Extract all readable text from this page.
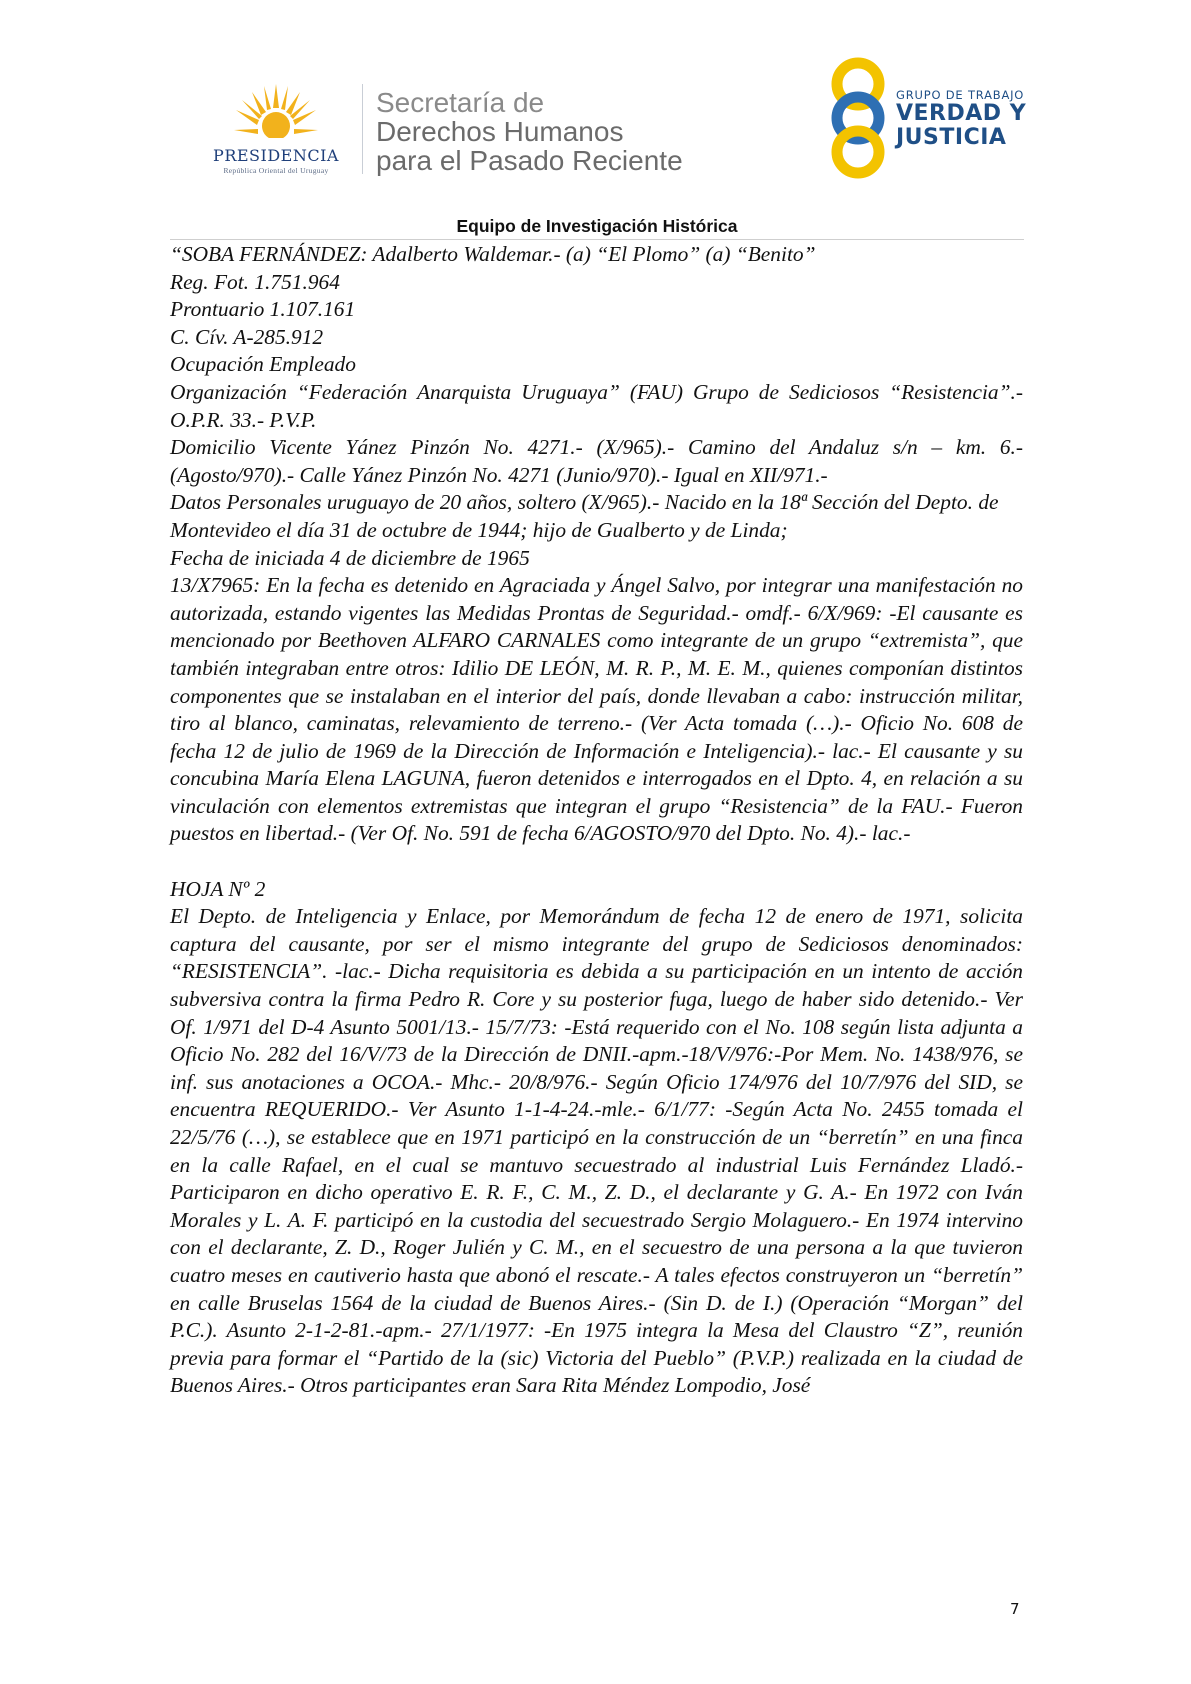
PRESIDENCIA
República Oriental del Uruguay
Secretaría de
Derechos Humanos
para el Pasado Reciente
GRUPO DE TRABAJO
VERDAD Y
JUSTICIA
Equipo de Investigación Histórica

“SOBA FERNÁNDEZ: Adalberto Waldemar.- (a) “El Plomo” (a) “Benito”

Reg. Fot. 1.751.964

Prontuario 1.107.161

C. Cív. A-285.912

Ocupación Empleado

Organización “Federación Anarquista Uruguaya” (FAU) Grupo de Sediciosos “Resistencia”.- O.P.R. 33.- P.V.P.

Domicilio Vicente Yánez Pinzón No. 4271.- (X/965).- Camino del Andaluz s/n – km. 6.- (Agosto/970).- Calle Yánez Pinzón No. 4271 (Junio/970).- Igual en XII/971.-

Datos Personales uruguayo de 20 años, soltero (X/965).- Nacido en la 18ª Sección del Depto. de Montevideo el día 31 de octubre de 1944; hijo de Gualberto y de Linda;

Fecha de iniciada 4 de diciembre de 1965

13/X7965: En la fecha es detenido en Agraciada y Ángel Salvo, por integrar una manifestación no autorizada, estando vigentes las Medidas Prontas de Seguridad.- omdf.- 6/X/969: -El causante es mencionado por Beethoven ALFARO CARNALES como integrante de un grupo “extremista”, que también integraban entre otros: Idilio DE LEÓN, M. R. P., M. E. M., quienes componían distintos componentes que se instalaban en el interior del país, donde llevaban a cabo: instrucción militar, tiro al blanco, caminatas, relevamiento de terreno.- (Ver Acta tomada (…).- Oficio No. 608 de fecha 12 de julio de 1969 de la Dirección de Información e Inteligencia).- lac.- El causante y su concubina María Elena LAGUNA, fueron detenidos e interrogados en el Dpto. 4, en relación a su vinculación con elementos extremistas que integran el grupo “Resistencia” de la FAU.- Fueron puestos en libertad.- (Ver Of. No. 591 de fecha 6/AGOSTO/970 del Dpto. No. 4).- lac.-

HOJA Nº 2

El Depto. de Inteligencia y Enlace, por Memorándum de fecha 12 de enero de 1971, solicita captura del causante, por ser el mismo integrante del grupo de Sediciosos denominados: “RESISTENCIA”. -lac.- Dicha requisitoria es debida a su participación en un intento de acción subversiva contra la firma Pedro R. Core y su posterior fuga, luego de haber sido detenido.- Ver Of. 1/971 del D-4 Asunto 5001/13.- 15/7/73: -Está requerido con el No. 108 según lista adjunta a Oficio No. 282 del 16/V/73 de la Dirección de DNII.-apm.-18/V/976:-Por Mem. No. 1438/976, se inf. sus anotaciones a OCOA.- Mhc.- 20/8/976.- Según Oficio 174/976 del 10/7/976 del SID, se encuentra REQUERIDO.- Ver Asunto 1-1-4-24.-mle.- 6/1/77: -Según Acta No. 2455 tomada el 22/5/76 (…), se establece que en 1971 participó en la construcción de un “berretín” en una finca en la calle Rafael, en el cual se mantuvo secuestrado al industrial Luis Fernández Lladó.- Participaron en dicho operativo E. R. F., C. M., Z. D., el declarante y G. A.- En 1972 con Iván Morales y L. A. F. participó en la custodia del secuestrado Sergio Molaguero.- En 1974 intervino con el declarante, Z. D., Roger Julién y C. M., en el secuestro de una persona a la que tuvieron cuatro meses en cautiverio hasta que abonó el rescate.- A tales efectos construyeron un “berretín” en calle Bruselas 1564 de la ciudad de Buenos Aires.- (Sin D. de I.) (Operación “Morgan” del P.C.). Asunto 2-1-2-81.-apm.- 27/1/1977: -En 1975 integra la Mesa del Claustro “Z”, reunión previa para formar el “Partido de la (sic) Victoria del Pueblo” (P.V.P.) realizada en la ciudad de Buenos Aires.- Otros participantes eran Sara Rita Méndez Lompodio, José

7
